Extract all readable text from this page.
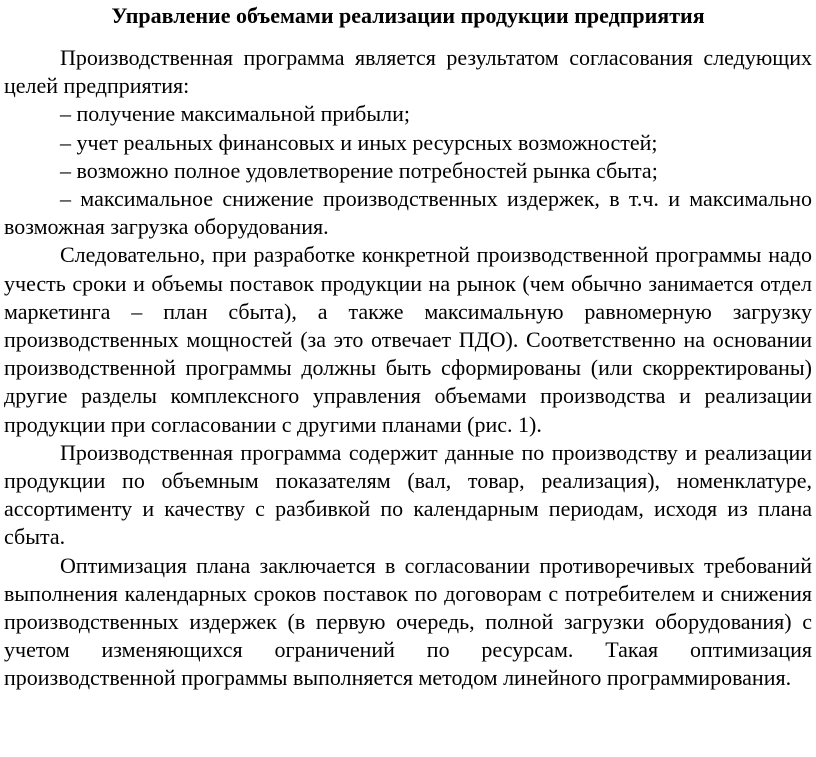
Управление объемами реализации продукции предприятия

Производственная программа является результатом согласования следующих целей предприятия:

– получение максимальной прибыли;

– учет реальных финансовых и иных ресурсных возможностей;

– возможно полное удовлетворение потребностей рынка сбыта;

– максимальное снижение производственных издержек, в т.ч. и максимально возможная загрузка оборудования.

Следовательно, при разработке конкретной производственной программы надо учесть сроки и объемы поставок продукции на рынок (чем обычно занимается отдел маркетинга – план сбыта), а также максимальную равномерную загрузку производственных мощностей (за это отвечает ПДО). Соответственно на основании производственной программы должны быть сформированы (или скорректированы) другие разделы комплексного управления объемами производства и реализации продукции при согласовании с другими планами (рис. 1).

Производственная программа содержит данные по производству и реализации продукции по объемным показателям (вал, товар, реализация), номенклатуре, ассортименту и качеству с разбивкой по календарным периодам, исходя из плана сбыта.

Оптимизация плана заключается в согласовании противоречивых требований выполнения календарных сроков поставок по договорам с потребителем и снижения производственных издержек (в первую очередь, полной загрузки оборудования) с учетом изменяющихся ограничений по ресурсам. Такая оптимизация производственной программы выполняется методом линейного программирования.
